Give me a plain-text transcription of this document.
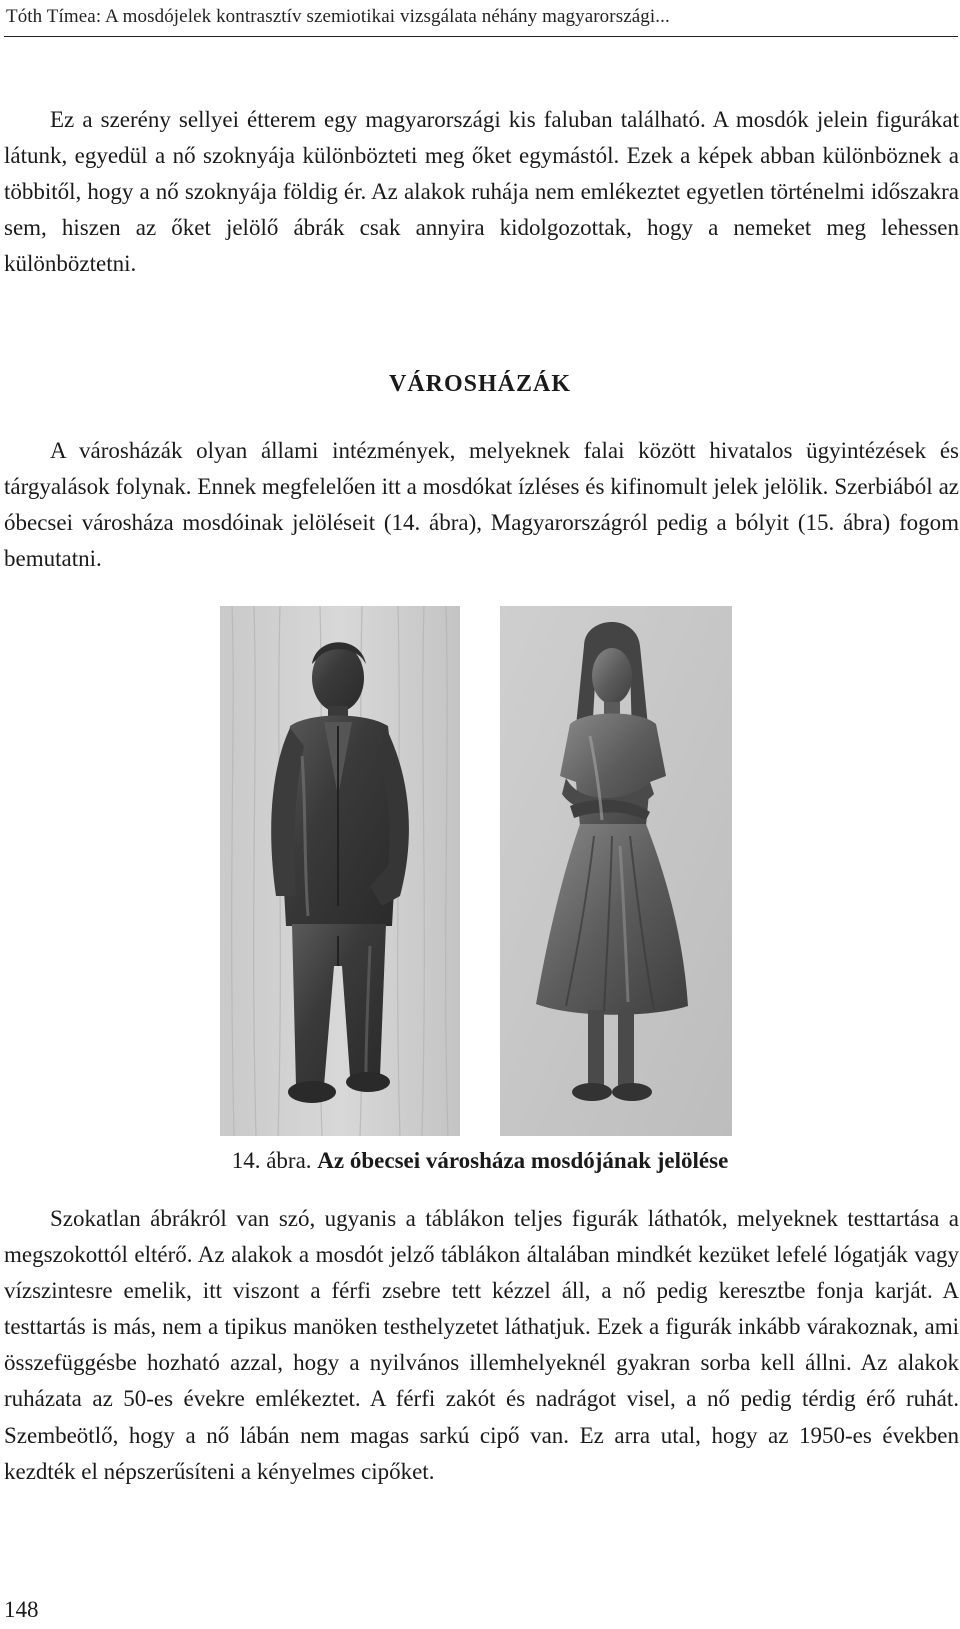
Tóth Tímea: A mosdójelek kontrasztív szemiotikai vizsgálata néhány magyarországi...

Ez a szerény sellyei étterem egy magyarországi kis faluban található. A mosdók jelein figurákat látunk, egyedül a nő szoknyája különbözteti meg őket egymástól. Ezek a képek abban különböznek a többitől, hogy a nő szoknyája földig ér. Az alakok ruhája nem emlékeztet egyetlen történelmi időszakra sem, hiszen az őket jelölő ábrák csak annyira kidolgozottak, hogy a nemeket meg lehessen különböztetni.

VÁROSHÁZÁK

A városházák olyan állami intézmények, melyeknek falai között hivatalos ügyintézések és tárgyalások folynak. Ennek megfelelően itt a mosdókat ízléses és kifinomult jelek jelölik. Szerbiából az óbecsei városháza mosdóinak jelöléseit (14. ábra), Magyarországról pedig a bólyit (15. ábra) fogom bemutatni.

14. ábra. Az óbecsei városháza mosdójának jelölése

Szokatlan ábrákról van szó, ugyanis a táblákon teljes figurák láthatók, melyeknek testtartása a megszokottól eltérő. Az alakok a mosdót jelző táblákon általában mindkét kezüket lefelé lógatják vagy vízszintesre emelik, itt viszont a férfi zsebre tett kézzel áll, a nő pedig keresztbe fonja karját. A testtartás is más, nem a tipikus manöken testhelyzetet láthatjuk. Ezek a figurák inkább várakoznak, ami összefüggésbe hozható azzal, hogy a nyilvános illemhelyeknél gyakran sorba kell állni. Az alakok ruházata az 50-es évekre emlékeztet. A férfi zakót és nadrágot visel, a nő pedig térdig érő ruhát. Szembeötlő, hogy a nő lábán nem magas sarkú cipő van. Ez arra utal, hogy az 1950-es években kezdték el népszerűsíteni a kényelmes cipőket.

148
